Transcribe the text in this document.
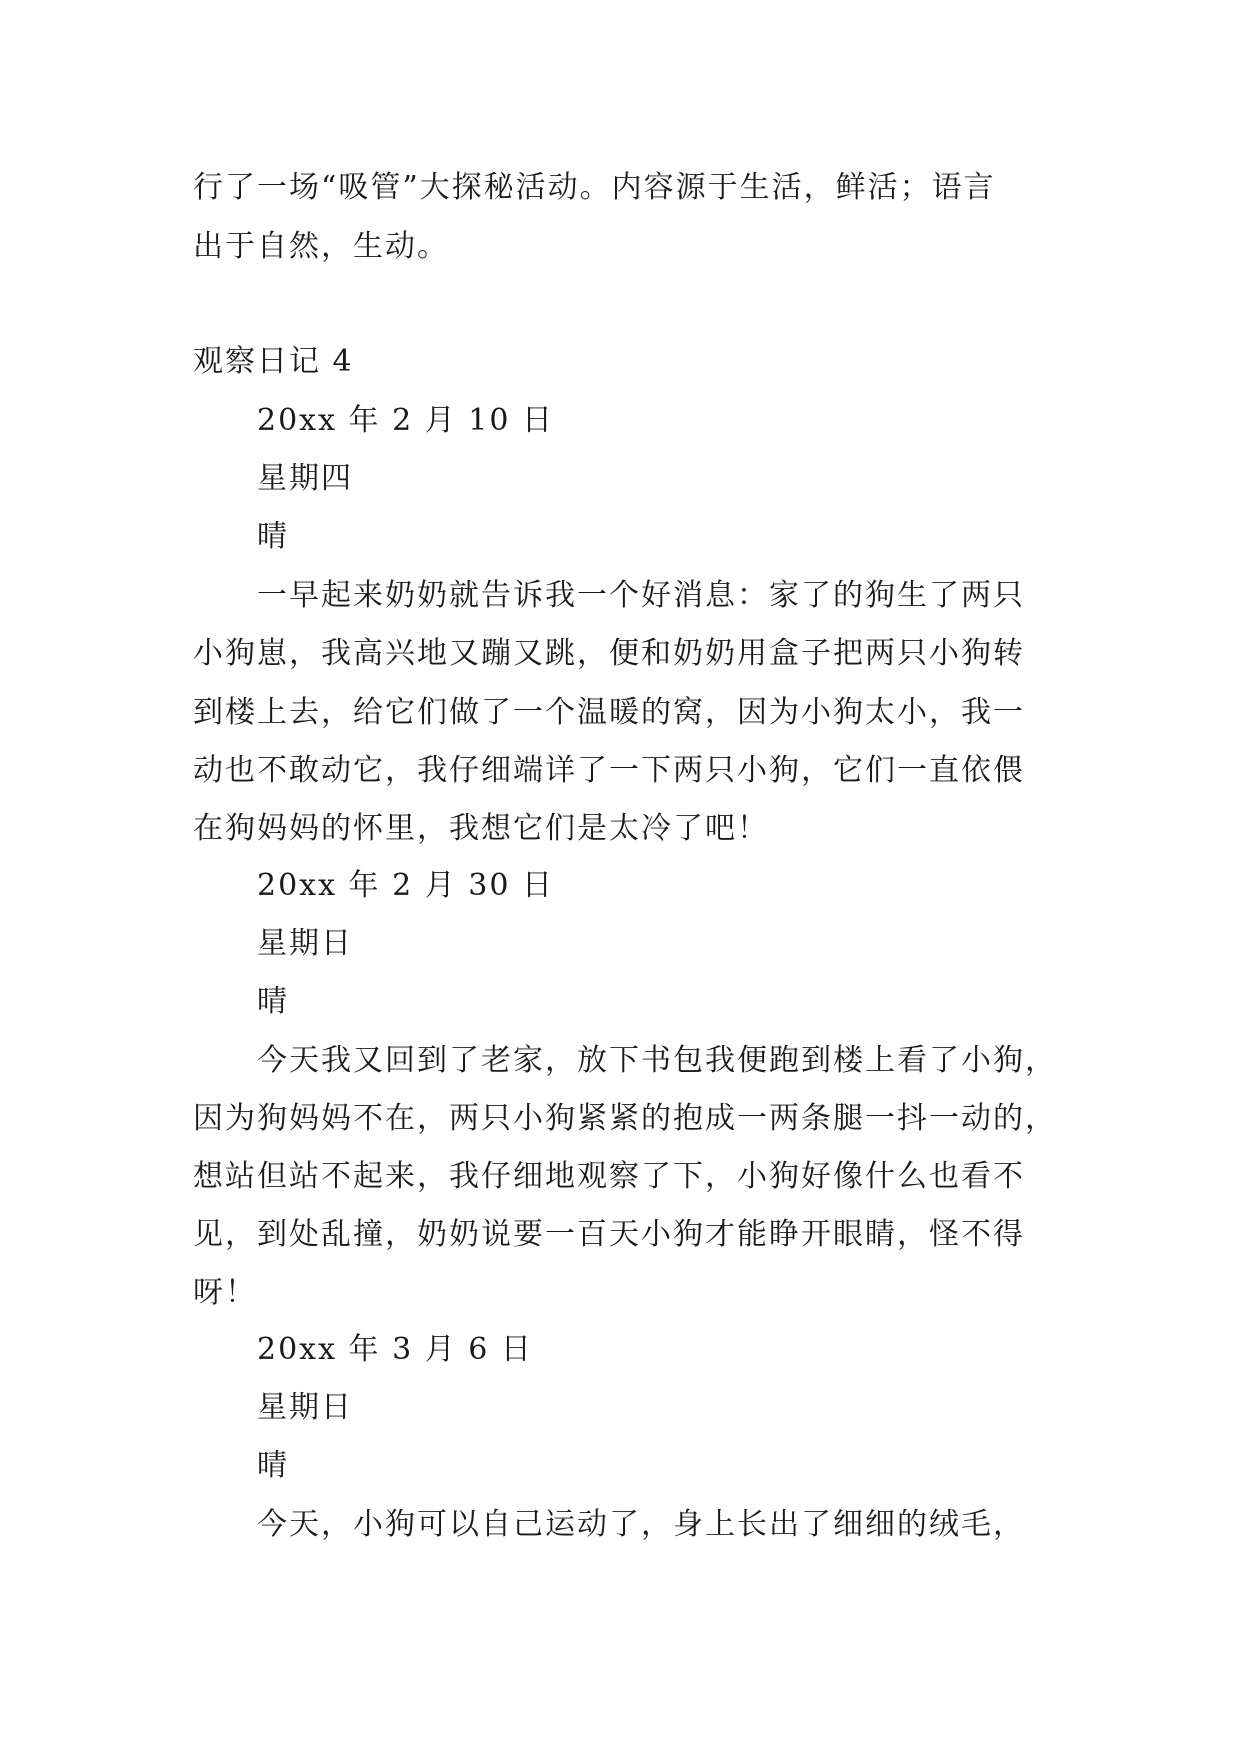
行了一场“吸管”大探秘活动。内容源于生活，鲜活；语言
出于自然，生动。
观察日记 4
20xx 年 2 月 10 日
星期四
晴
一早起来奶奶就告诉我一个好消息：家了的狗生了两只
小狗崽，我高兴地又蹦又跳，便和奶奶用盒子把两只小狗转
到楼上去，给它们做了一个温暖的窝，因为小狗太小，我一
动也不敢动它，我仔细端详了一下两只小狗，它们一直依偎
在狗妈妈的怀里，我想它们是太冷了吧！
20xx 年 2 月 30 日
星期日
晴
今天我又回到了老家，放下书包我便跑到楼上看了小狗，
因为狗妈妈不在，两只小狗紧紧的抱成一两条腿一抖一动的，
想站但站不起来，我仔细地观察了下，小狗好像什么也看不
见，到处乱撞，奶奶说要一百天小狗才能睁开眼睛，怪不得
呀！
20xx 年 3 月 6 日
星期日
晴
今天，小狗可以自己运动了，身上长出了细细的绒毛，
